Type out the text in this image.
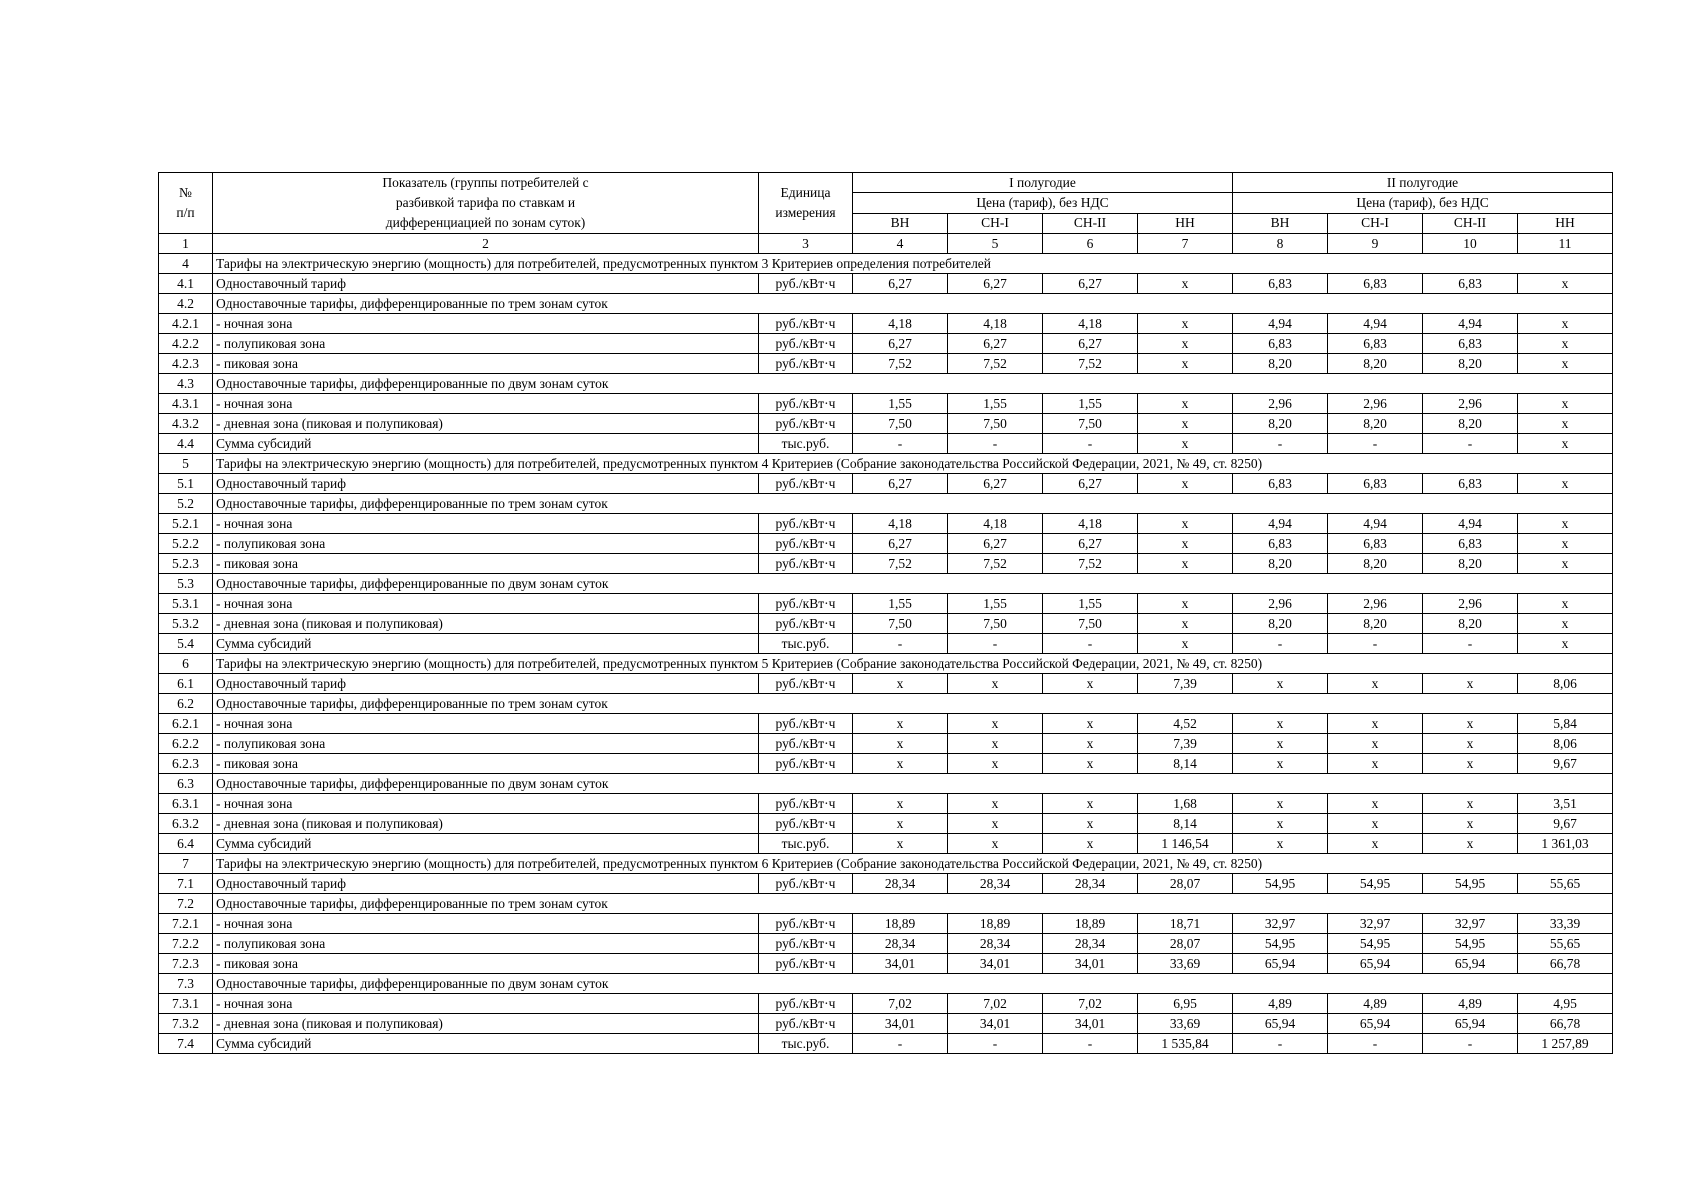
№
п/п	Показатель (группы потребителей с разбивкой тарифа по ставкам и дифференциацией по зонам суток)	Единица измерения	I полугодие				II полугодие			
			Цена (тариф), без НДС				Цена (тариф), без НДС			
			ВН	СН-I	СН-II	НН	ВН	СН-I	СН-II	НН
1	2	3	4	5	6	7	8	9	10	11
4	Тарифы на электрическую энергию (мощность) для потребителей, предусмотренных пунктом 3 Критериев определения потребителей									
4.1	Одноставочный тариф	руб./кВт·ч	6,27	6,27	6,27	х	6,83	6,83	6,83	х
4.2	Одноставочные тарифы, дифференцированные по трем зонам суток									
4.2.1	- ночная зона	руб./кВт·ч	4,18	4,18	4,18	х	4,94	4,94	4,94	х
4.2.2	- полупиковая зона	руб./кВт·ч	6,27	6,27	6,27	х	6,83	6,83	6,83	х
4.2.3	- пиковая зона	руб./кВт·ч	7,52	7,52	7,52	х	8,20	8,20	8,20	х
4.3	Одноставочные тарифы, дифференцированные по двум зонам суток									
4.3.1	- ночная зона	руб./кВт·ч	1,55	1,55	1,55	х	2,96	2,96	2,96	х
4.3.2	- дневная зона (пиковая и полупиковая)	руб./кВт·ч	7,50	7,50	7,50	х	8,20	8,20	8,20	х
4.4	Сумма субсидий	тыс.руб.	-	-	-	х	-	-	-	х
5	Тарифы на электрическую энергию (мощность) для потребителей, предусмотренных пунктом 4 Критериев (Собрание законодательства Российской Федерации, 2021, № 49, ст. 8250)									
5.1	Одноставочный тариф	руб./кВт·ч	6,27	6,27	6,27	х	6,83	6,83	6,83	х
5.2	Одноставочные тарифы, дифференцированные по трем зонам суток									
5.2.1	- ночная зона	руб./кВт·ч	4,18	4,18	4,18	х	4,94	4,94	4,94	х
5.2.2	- полупиковая зона	руб./кВт·ч	6,27	6,27	6,27	х	6,83	6,83	6,83	х
5.2.3	- пиковая зона	руб./кВт·ч	7,52	7,52	7,52	х	8,20	8,20	8,20	х
5.3	Одноставочные тарифы, дифференцированные по двум зонам суток									
5.3.1	- ночная зона	руб./кВт·ч	1,55	1,55	1,55	х	2,96	2,96	2,96	х
5.3.2	- дневная зона (пиковая и полупиковая)	руб./кВт·ч	7,50	7,50	7,50	х	8,20	8,20	8,20	х
5.4	Сумма субсидий	тыс.руб.	-	-	-	х	-	-	-	х
6	Тарифы на электрическую энергию (мощность) для потребителей, предусмотренных пунктом 5 Критериев (Собрание законодательства Российской Федерации, 2021, № 49, ст. 8250)									
6.1	Одноставочный тариф	руб./кВт·ч	х	х	х	7,39	х	х	х	8,06
6.2	Одноставочные тарифы, дифференцированные по трем зонам суток									
6.2.1	- ночная зона	руб./кВт·ч	х	х	х	4,52	х	х	х	5,84
6.2.2	- полупиковая зона	руб./кВт·ч	х	х	х	7,39	х	х	х	8,06
6.2.3	- пиковая зона	руб./кВт·ч	х	х	х	8,14	х	х	х	9,67
6.3	Одноставочные тарифы, дифференцированные по двум зонам суток									
6.3.1	- ночная зона	руб./кВт·ч	х	х	х	1,68	х	х	х	3,51
6.3.2	- дневная зона (пиковая и полупиковая)	руб./кВт·ч	х	х	х	8,14	х	х	х	9,67
6.4	Сумма субсидий	тыс.руб.	х	х	х	1 146,54	х	х	х	1 361,03
7	Тарифы на электрическую энергию (мощность) для потребителей, предусмотренных пунктом 6 Критериев (Собрание законодательства Российской Федерации, 2021, № 49, ст. 8250)									
7.1	Одноставочный тариф	руб./кВт·ч	28,34	28,34	28,34	28,07	54,95	54,95	54,95	55,65
7.2	Одноставочные тарифы, дифференцированные по трем зонам суток									
7.2.1	- ночная зона	руб./кВт·ч	18,89	18,89	18,89	18,71	32,97	32,97	32,97	33,39
7.2.2	- полупиковая зона	руб./кВт·ч	28,34	28,34	28,34	28,07	54,95	54,95	54,95	55,65
7.2.3	- пиковая зона	руб./кВт·ч	34,01	34,01	34,01	33,69	65,94	65,94	65,94	66,78
7.3	Одноставочные тарифы, дифференцированные по двум зонам суток									
7.3.1	- ночная зона	руб./кВт·ч	7,02	7,02	7,02	6,95	4,89	4,89	4,89	4,95
7.3.2	- дневная зона (пиковая и полупиковая)	руб./кВт·ч	34,01	34,01	34,01	33,69	65,94	65,94	65,94	66,78
7.4	Сумма субсидий	тыс.руб.	-	-	-	1 535,84	-	-	-	1 257,89
